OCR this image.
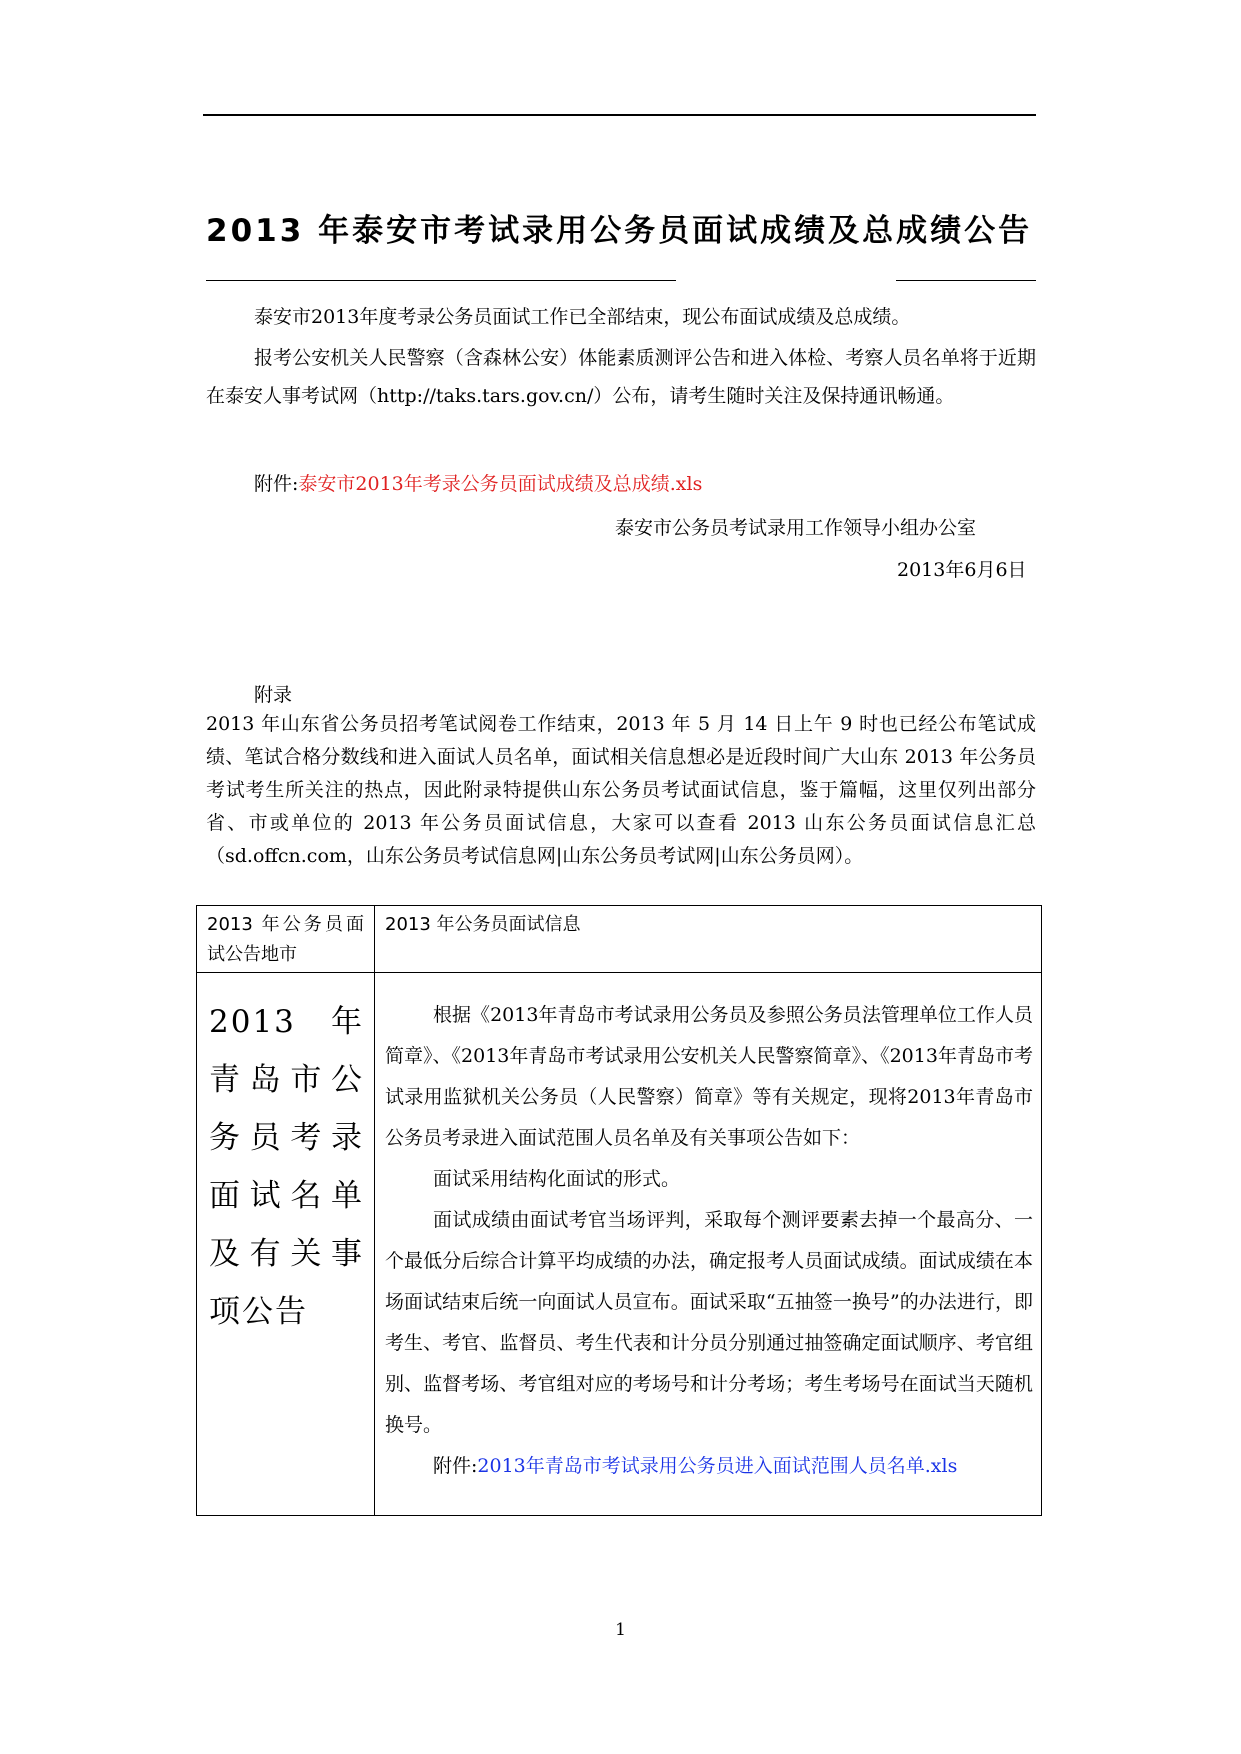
2013 年泰安市考试录用公务员面试成绩及总成绩公告

泰安市2013年度考录公务员面试工作已全部结束，现公布面试成绩及总成绩。

报考公安机关人民警察（含森林公安）体能素质测评公告和进入体检、考察人员名单将于近期在泰安人事考试网（http://taks.tars.gov.cn/）公布，请考生随时关注及保持通讯畅通。

附件:泰安市2013年考录公务员面试成绩及总成绩.xls

泰安市公务员考试录用工作领导小组办公室
2013年6月6日
附录

2013 年山东省公务员招考笔试阅卷工作结束，2013 年 5 月 14 日上午 9 时也已经公布笔试成绩、笔试合格分数线和进入面试人员名单，面试相关信息想必是近段时间广大山东 2013 年公务员考试考生所关注的热点，因此附录特提供山东公务员考试面试信息，鉴于篇幅，这里仅列出部分省、市或单位的 2013 年公务员面试信息，大家可以查看 2013 山东公务员面试信息汇总（sd.offcn.com，山东公务员考试信息网|山东公务员考试网|山东公务员网）。

2013 年公务员面试公告地市	2013 年公务员面试信息
2013 年青岛市公务员考录面试名单及有关事项公告	根据《2013年青岛市考试录用公务员及参照公务员法管理单位工作人员简章》、《2013年青岛市考试录用公安机关人民警察简章》、《2013年青岛市考试录用监狱机关公务员（人民警察）简章》等有关规定，现将2013年青岛市公务员考录进入面试范围人员名单及有关事项公告如下：

面试采用结构化面试的形式。

面试成绩由面试考官当场评判，采取每个测评要素去掉一个最高分、一个最低分后综合计算平均成绩的办法，确定报考人员面试成绩。面试成绩在本场面试结束后统一向面试人员宣布。面试采取“五抽签一换号”的办法进行，即考生、考官、监督员、考生代表和计分员分别通过抽签确定面试顺序、考官组别、监督考场、考官组对应的考场号和计分考场；考生考场号在面试当天随机换号。

附件:2013年青岛市考试录用公务员进入面试范围人员名单.xls

1
